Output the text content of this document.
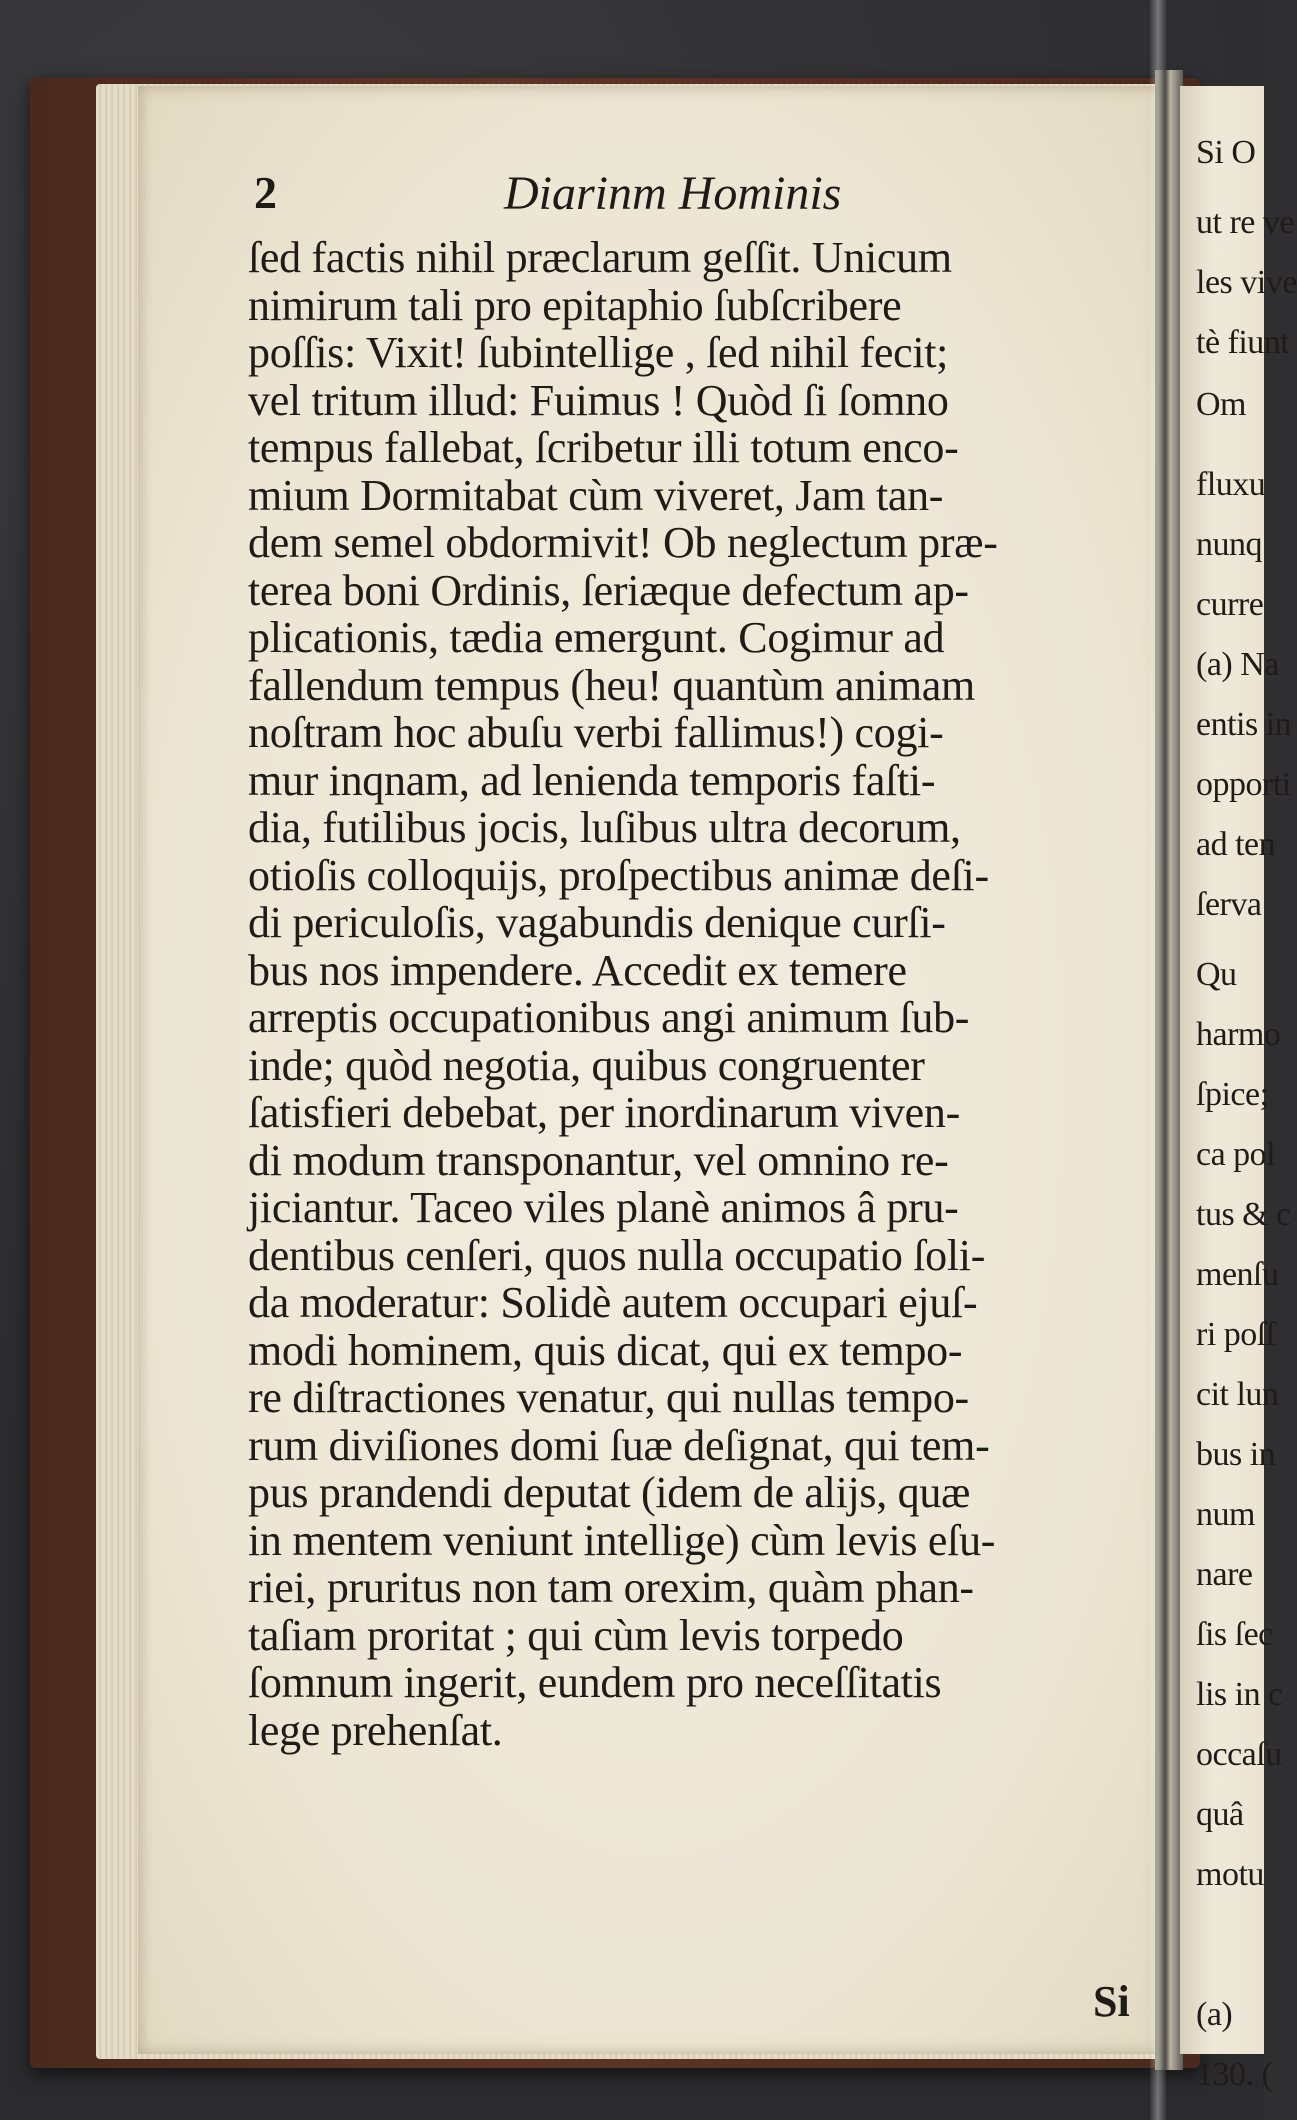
2	Diarinm Hominis
ſed factis nihil præclarum geſſit. Unicum
nimirum tali pro epitaphio ſubſcribere
poſſis: Vixit! ſubintellige , ſed nihil fecit;
vel tritum illud: Fuimus ! Quòd ſi ſomno
tempus fallebat, ſcribetur illi totum enco-
mium Dormitabat cùm viveret, Jam tan-
dem semel obdormivit! Ob neglectum præ-
terea boni Ordinis, ſeriæque defectum ap-
plicationis, tædia emergunt. Cogimur ad
fallendum tempus (heu! quantùm animam
noſtram hoc abuſu verbi fallimus!) cogi-
mur inqnam, ad lenienda temporis faſti-
dia, futilibus jocis, luſibus ultra decorum,
otioſis colloquijs, proſpectibus animæ deſi-
di periculoſis, vagabundis denique curſi-
bus nos impendere. Accedit ex temere
arreptis occupationibus angi animum ſub-
inde; quòd negotia, quibus congruenter
ſatisfieri debebat, per inordinarum viven-
di modum transponantur, vel omnino re-
jiciantur. Taceo viles planè animos â pru-
dentibus cenſeri, quos nulla occupatio ſoli-
da moderatur: Solidè autem occupari ejuſ-
modi hominem, quis dicat, qui ex tempo-
re diſtractiones venatur, qui nullas tempo-
rum diviſiones domi ſuæ deſignat, qui tem-
pus prandendi deputat (idem de alijs, quæ
in mentem veniunt intellige) cùm levis eſu-
riei, pruritus non tam orexim, quàm phan-
taſiam proritat ; qui cùm levis torpedo
ſomnum ingerit, eundem pro neceſſitatis
lege prehenſat.
Si
Si O
ut re ve
les vive
tè fiunt
Om
fluxu
nunq
curre
(a) Na
entis in
opporti
ad ten
ſerva
Qu
harmo
ſpice;
ca pol
tus & c
menſu
ri poſſ
cit lun
bus in
num
nare
ſis ſec
lis in c
occaſu
quâ
motu
(a)
130. (
